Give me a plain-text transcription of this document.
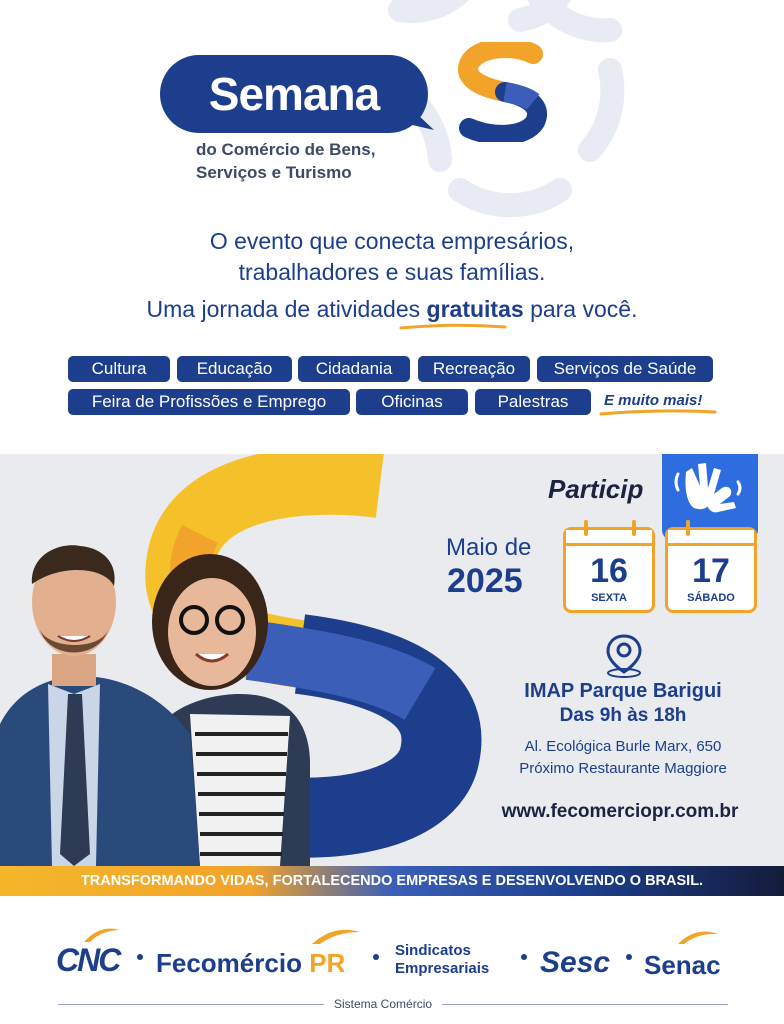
Semana
do Comércio de Bens,
Serviços e Turismo
O evento que conecta empresários,
trabalhadores e suas famílias.
Uma jornada de atividades gratuitas para você.
Cultura	Educação	Cidadania	Recreação	Serviços de Saúde
Feira de Profissões e Emprego	Oficinas	Palestras	E muito mais!
Particip
Maio de
2025	16
SEXTA
17
SÁBADO
IMAP Parque Barigui
Das 9h às 18h
Al. Ecológica Burle Marx, 650
Próximo Restaurante Maggiore
www.fecomerciopr.com.br
TRANSFORMANDO VIDAS, FORTALECENDO EMPRESAS E DESENVOLVENDO O BRASIL.
CNC Fecomércio PR	Sindicatos
Empresariais Sesc Senac
Sistema Comércio
